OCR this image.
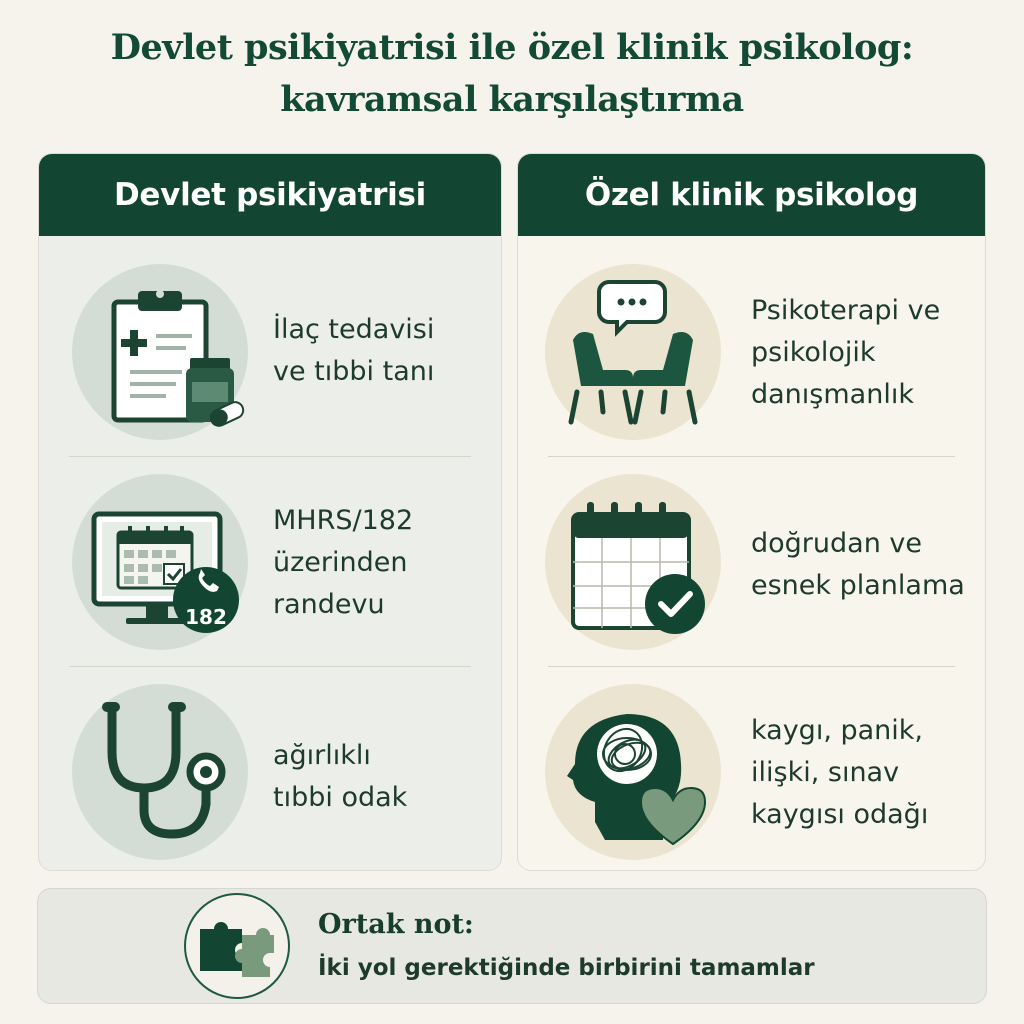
Devlet psikiyatrisi ile özel klinik psikolog:
kavramsal karşılaştırma
Devlet psikiyatrisi
İlaç tedavisi
ve tıbbi tanı
182
MHRS/182
üzerinden
randevu
ağırlıklı
tıbbi odak
Özel klinik psikolog
Psikoterapi ve
psikolojik
danışmanlık
doğrudan ve
esnek planlama
kaygı, panik,
ilişki, sınav
kaygısı odağı
Ortak not:
İki yol gerektiğinde birbirini tamamlar
